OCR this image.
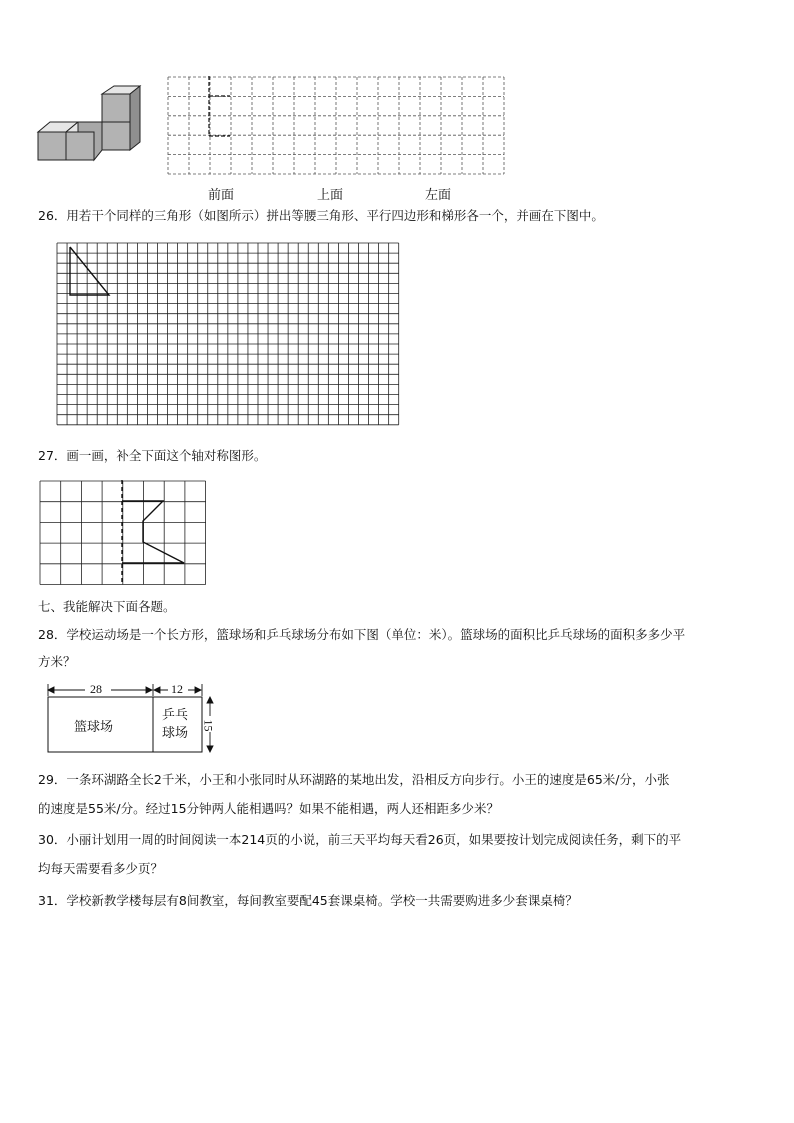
前面	上面	左面
26．用若干个同样的三角形（如图所示）拼出等腰三角形、平行四边形和梯形各一个，并画在下图中。
27．画一画，补全下面这个轴对称图形。
七、我能解决下面各题。
28．学校运动场是一个长方形，篮球场和乒乓球场分布如下图（单位：米）。篮球场的面积比乒乓球场的面积多多少平
方米？
28	12
15
篮球场
乒乓
球场
29．一条环湖路全长2千米，小王和小张同时从环湖路的某地出发，沿相反方向步行。小王的速度是65米/分，小张
的速度是55米/分。经过15分钟两人能相遇吗？如果不能相遇，两人还相距多少米？
30．小丽计划用一周的时间阅读一本214页的小说，前三天平均每天看26页，如果要按计划完成阅读任务，剩下的平
均每天需要看多少页？
31．学校新教学楼每层有8间教室，每间教室要配45套课桌椅。学校一共需要购进多少套课桌椅？
